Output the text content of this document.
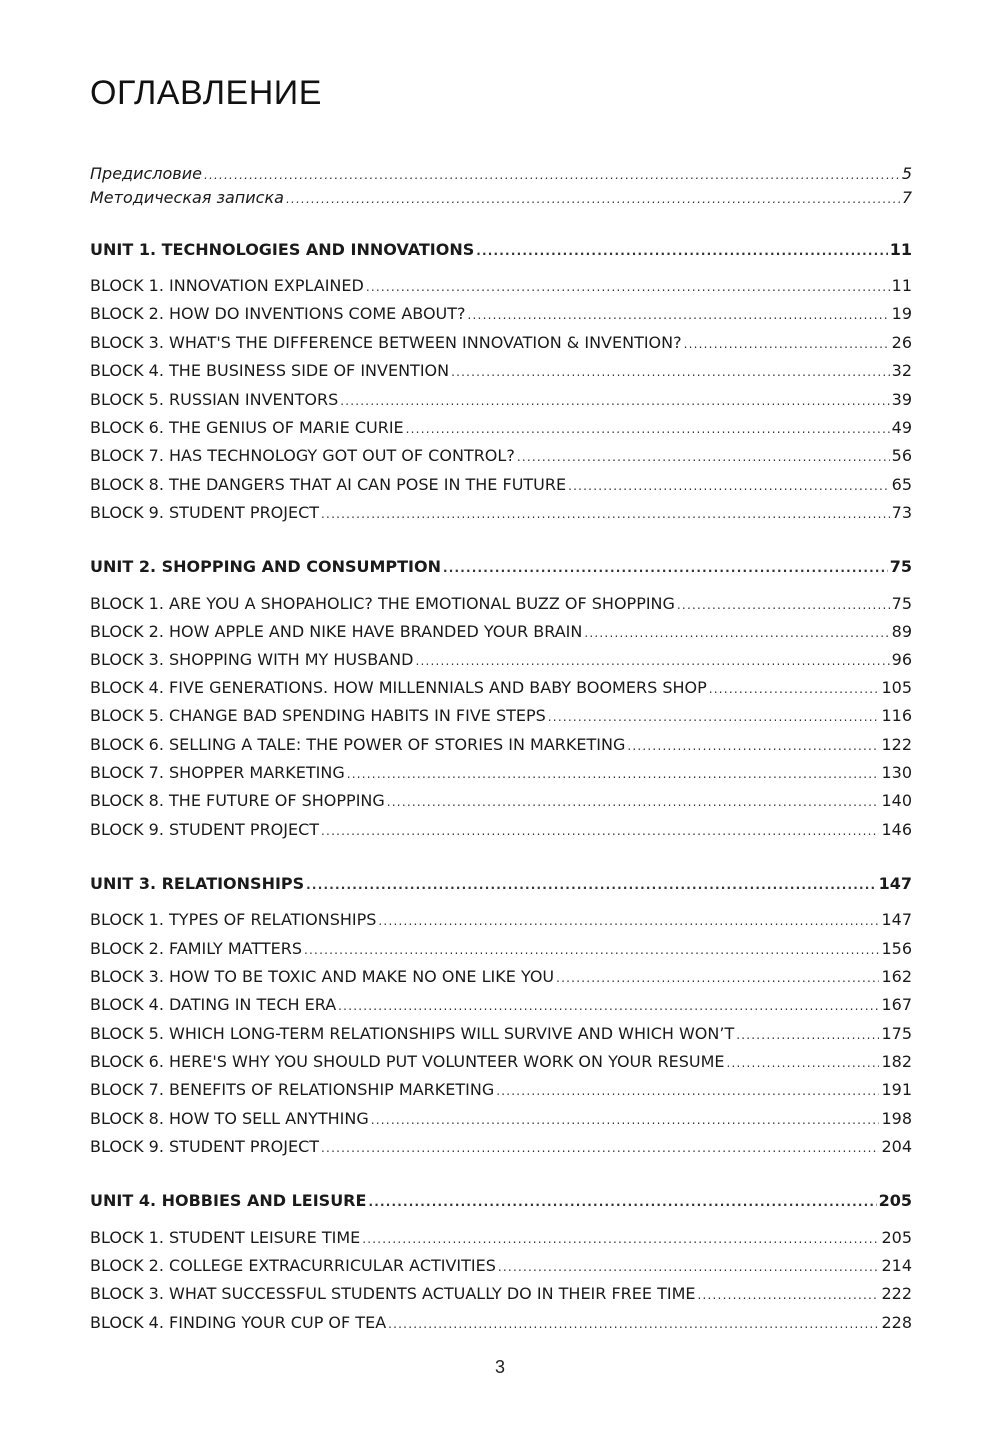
ОГЛАВЛЕНИЕ
Предисловие .....	5
Методическая записка .....	7
UNIT 1. TECHNOLOGIES AND INNOVATIONS .....	11
BLOCK 1. INNOVATION EXPLAINED .....	11
BLOCK 2. HOW DO INVENTIONS COME ABOUT? .....	19
BLOCK 3. WHAT'S THE DIFFERENCE BETWEEN INNOVATION & INVENTION? .....	26
BLOCK 4. THE BUSINESS SIDE OF INVENTION .....	32
BLOCK 5. RUSSIAN INVENTORS .....	39
BLOCK 6. THE GENIUS OF MARIE CURIE .....	49
BLOCK 7. HAS TECHNOLOGY GOT OUT OF CONTROL? .....	56
BLOCK 8. THE DANGERS THAT AI CAN POSE IN THE FUTURE .....	65
BLOCK 9. STUDENT PROJECT .....	73
UNIT 2. SHOPPING AND CONSUMPTION .....	75
BLOCK 1. ARE YOU A SHOPAHOLIC? THE EMOTIONAL BUZZ OF SHOPPING .....	75
BLOCK 2. HOW APPLE AND NIKE HAVE BRANDED YOUR BRAIN .....	89
BLOCK 3. SHOPPING WITH MY HUSBAND .....	96
BLOCK 4. FIVE GENERATIONS. HOW MILLENNIALS AND BABY BOOMERS SHOP .....	105
BLOCK 5. CHANGE BAD SPENDING HABITS IN FIVE STEPS .....	116
BLOCK 6. SELLING A TALE: THE POWER OF STORIES IN MARKETING .....	122
BLOCK 7. SHOPPER MARKETING .....	130
BLOCK 8. THE FUTURE OF SHOPPING .....	140
BLOCK 9. STUDENT PROJECT .....	146
UNIT 3. RELATIONSHIPS .....	147
BLOCK 1. TYPES OF RELATIONSHIPS .....	147
BLOCK 2. FAMILY MATTERS .....	156
BLOCK 3. HOW TO BE TOXIC AND MAKE NO ONE LIKE YOU .....	162
BLOCK 4. DATING IN TECH ERA .....	167
BLOCK 5. WHICH LONG-TERM RELATIONSHIPS WILL SURVIVE AND WHICH WON’T .....	175
BLOCK 6. HERE'S WHY YOU SHOULD PUT VOLUNTEER WORK ON YOUR RESUME .....	182
BLOCK 7. BENEFITS OF RELATIONSHIP MARKETING .....	191
BLOCK 8. HOW TO SELL ANYTHING .....	198
BLOCK 9. STUDENT PROJECT .....	204
UNIT 4. HOBBIES AND LEISURE .....	205
BLOCK 1. STUDENT LEISURE TIME .....	205
BLOCK 2. COLLEGE EXTRACURRICULAR ACTIVITIES .....	214
BLOCK 3. WHAT SUCCESSFUL STUDENTS ACTUALLY DO IN THEIR FREE TIME .....	222
BLOCK 4. FINDING YOUR CUP OF TEA .....	228
3
